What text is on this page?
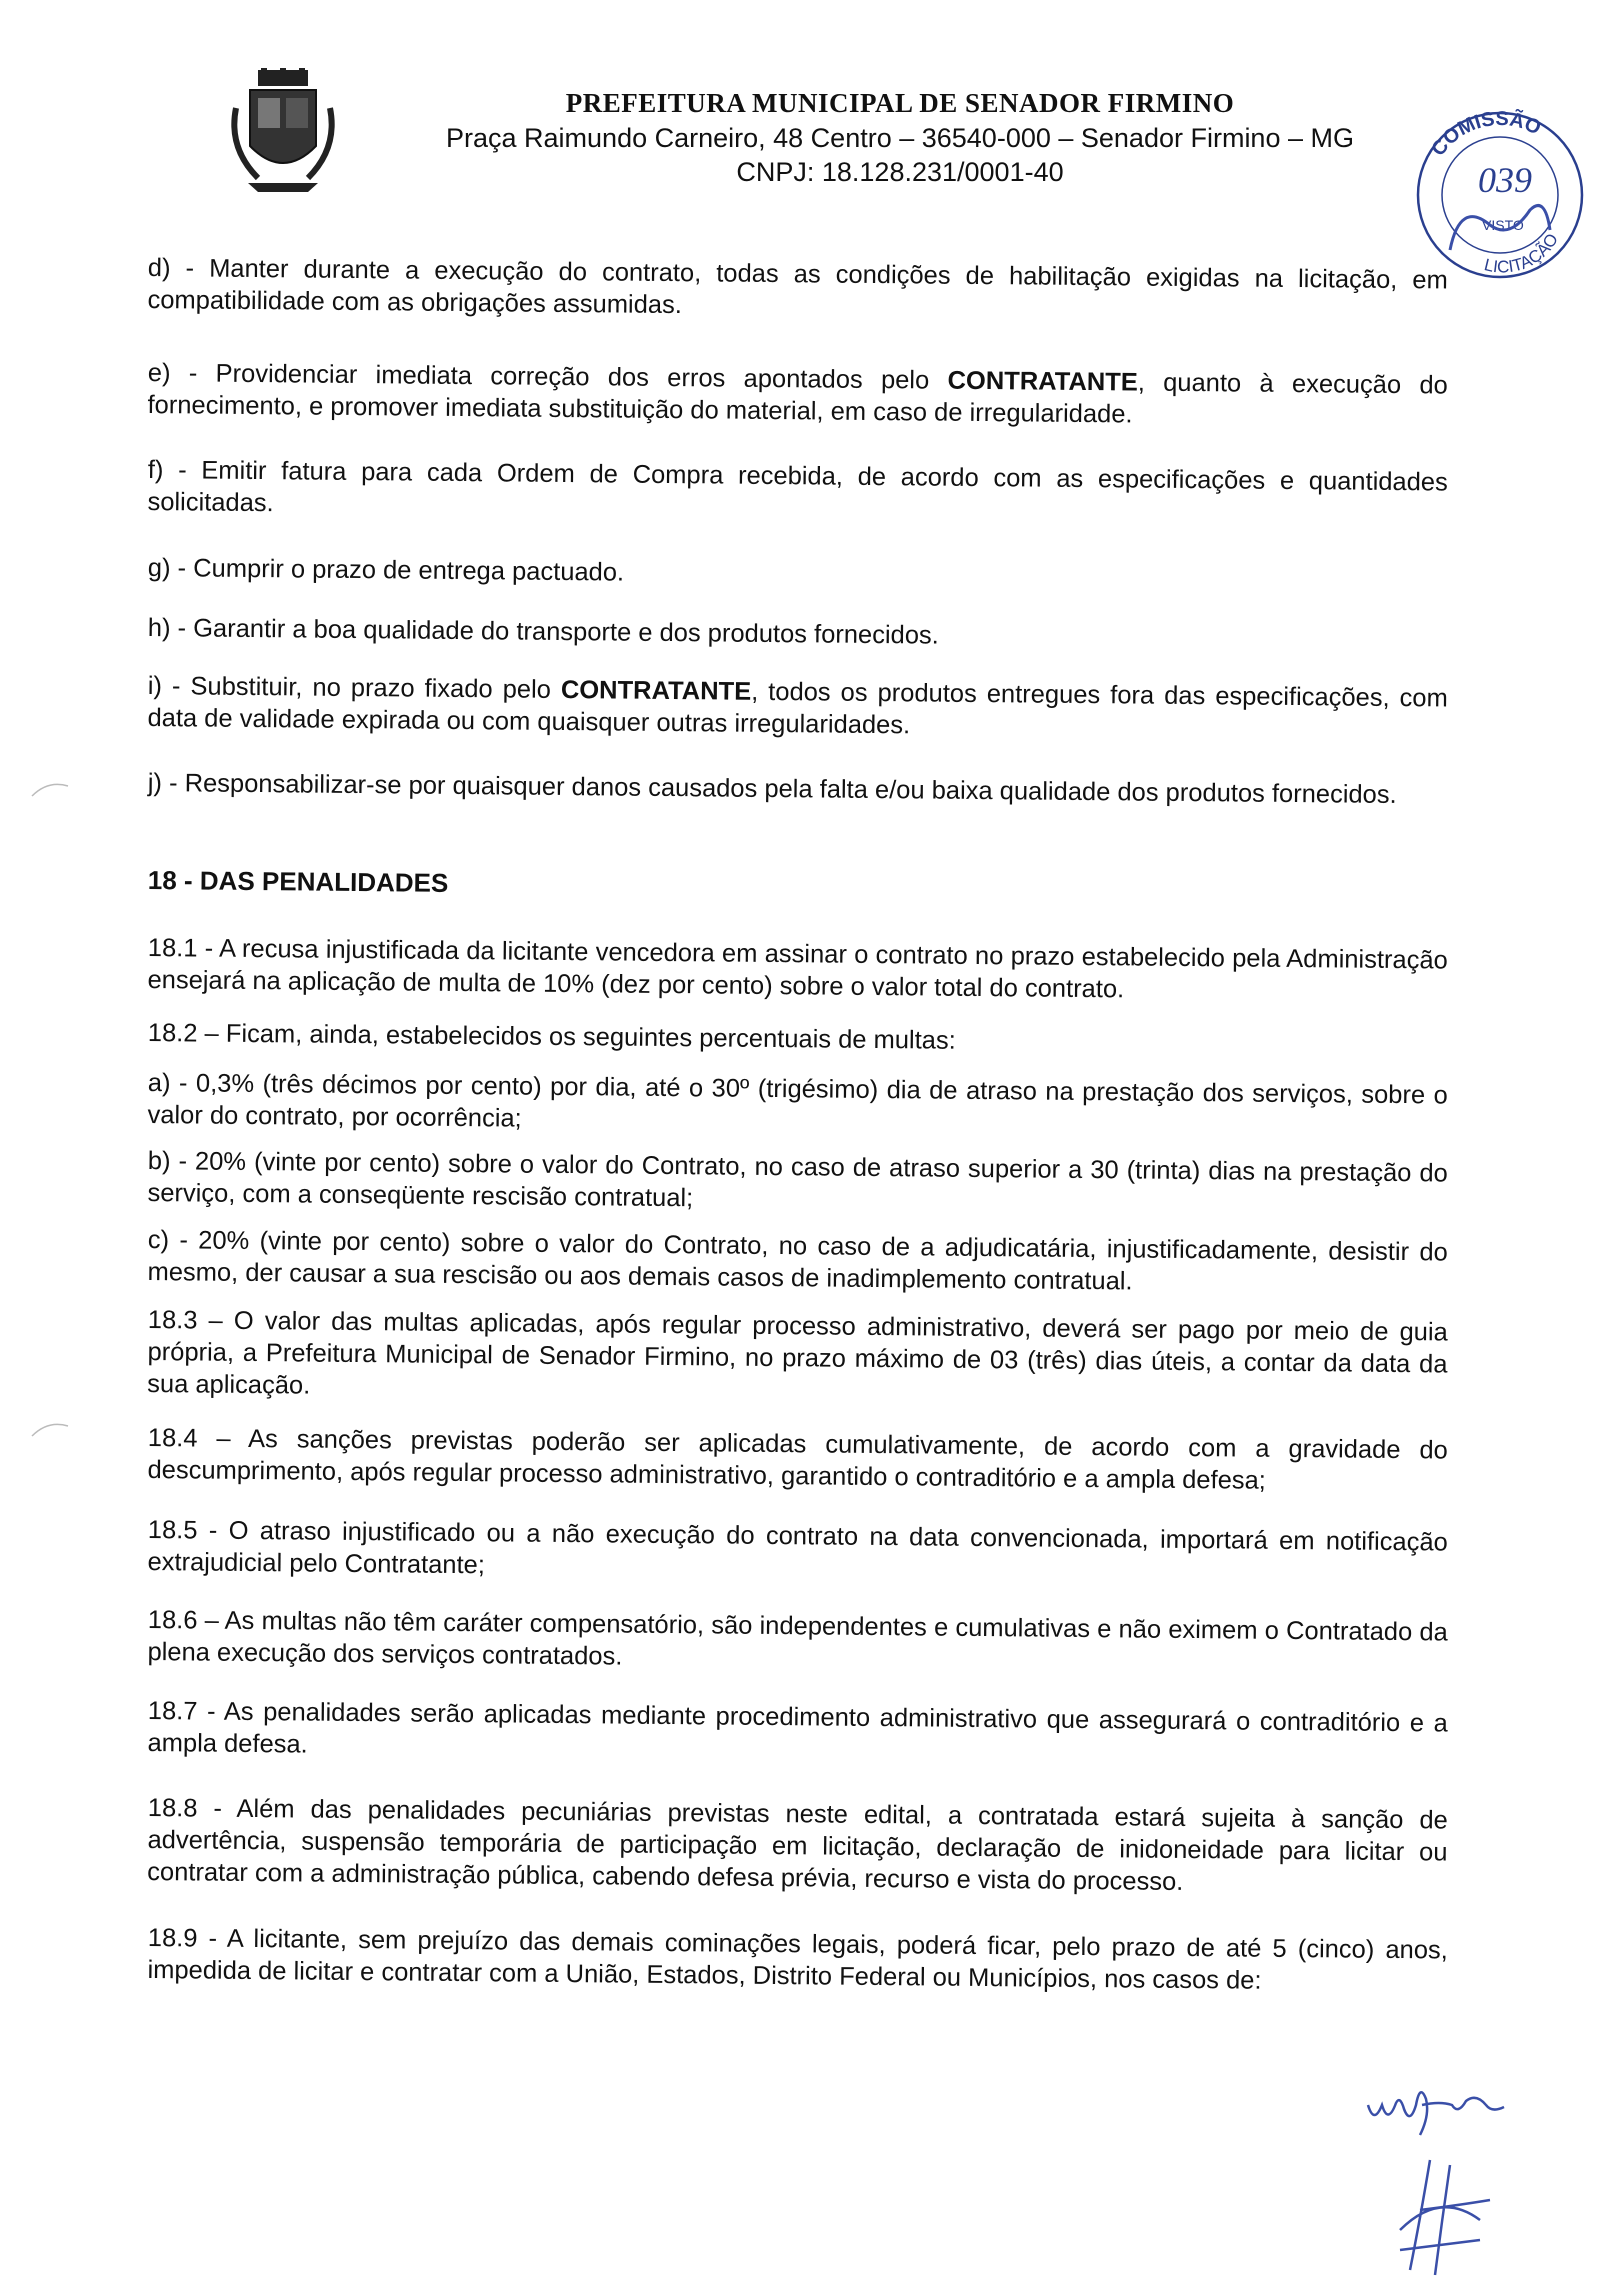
PREFEITURA MUNICIPAL DE SENADOR FIRMINO
Praça Raimundo Carneiro, 48 Centro – 36540-000 – Senador Firmino – MG
CNPJ: 18.128.231/0001-40
COMISSÃO
LICITAÇÃO
039
VISTO
d) - Manter durante a execução do contrato, todas as condições de habilitação exigidas na licitação, em compatibilidade com as obrigações assumidas.
e) - Providenciar imediata correção dos erros apontados pelo CONTRATANTE, quanto à execução do fornecimento, e promover imediata substituição do material, em caso de irregularidade.
f) - Emitir fatura para cada Ordem de Compra recebida, de acordo com as especificações e quantidades solicitadas.
g) - Cumprir o prazo de entrega pactuado.
h) - Garantir a boa qualidade do transporte e dos produtos fornecidos.
i) - Substituir, no prazo fixado pelo CONTRATANTE, todos os produtos entregues fora das especificações, com data de validade expirada ou com quaisquer outras irregularidades.
j) - Responsabilizar-se por quaisquer danos causados pela falta e/ou baixa qualidade dos produtos fornecidos.
18 - DAS PENALIDADES
18.1 - A recusa injustificada da licitante vencedora em assinar o contrato no prazo estabelecido pela Administração ensejará na aplicação de multa de 10% (dez por cento) sobre o valor total do contrato.
18.2 – Ficam, ainda, estabelecidos os seguintes percentuais de multas:
a) - 0,3% (três décimos por cento) por dia, até o 30º (trigésimo) dia de atraso na prestação dos serviços, sobre o valor do contrato, por ocorrência;
b) - 20% (vinte por cento) sobre o valor do Contrato, no caso de atraso superior a 30 (trinta) dias na prestação do serviço, com a conseqüente rescisão contratual;
c) - 20% (vinte por cento) sobre o valor do Contrato, no caso de a adjudicatária, injustificadamente, desistir do mesmo, der causar a sua rescisão ou aos demais casos de inadimplemento contratual.
18.3 – O valor das multas aplicadas, após regular processo administrativo, deverá ser pago por meio de guia própria, a Prefeitura Municipal de Senador Firmino, no prazo máximo de 03 (três) dias úteis, a contar da data da sua aplicação.
18.4 – As sanções previstas poderão ser aplicadas cumulativamente, de acordo com a gravidade do descumprimento, após regular processo administrativo, garantido o contraditório e a ampla defesa;
18.5 - O atraso injustificado ou a não execução do contrato na data convencionada, importará em notificação extrajudicial pelo Contratante;
18.6 – As multas não têm caráter compensatório, são independentes e cumulativas e não eximem o Contratado da plena execução dos serviços contratados.
18.7 - As penalidades serão aplicadas mediante procedimento administrativo que assegurará o contraditório e a ampla defesa.
18.8 - Além das penalidades pecuniárias previstas neste edital, a contratada estará sujeita à sanção de advertência, suspensão temporária de participação em licitação, declaração de inidoneidade para licitar ou contratar com a administração pública, cabendo defesa prévia, recurso e vista do processo.
18.9 - A licitante, sem prejuízo das demais cominações legais, poderá ficar, pelo prazo de até 5 (cinco) anos, impedida de licitar e contratar com a União, Estados, Distrito Federal ou Municípios, nos casos de:
